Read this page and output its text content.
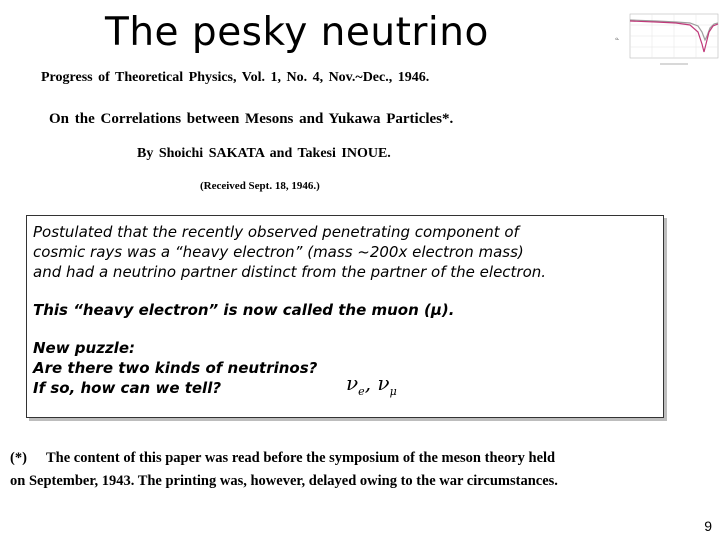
The pesky neutrino	P
Progress of Theoretical Physics, Vol. 1, No. 4, Nov.~Dec., 1946.
On the Correlations between Mesons and Yukawa Particles*.
By Shoichi SAKATA and Takesi INOUE.
(Received Sept. 18, 1946.)

Postulated that the recently observed penetrating component of

cosmic rays was a “heavy electron” (mass ~200x electron mass)

and had a neutrino partner distinct from the partner of the electron.

This “heavy electron” is now called the muon (μ).

New puzzle:

Are there two kinds of neutrinos?

If so, how can we tell?	$\nu_e$, $\nu_\mu$
(*) The content of this paper was read before the symposium of the meson theory held
on September, 1943. The printing was, however, delayed owing to the war circumstances.
9
